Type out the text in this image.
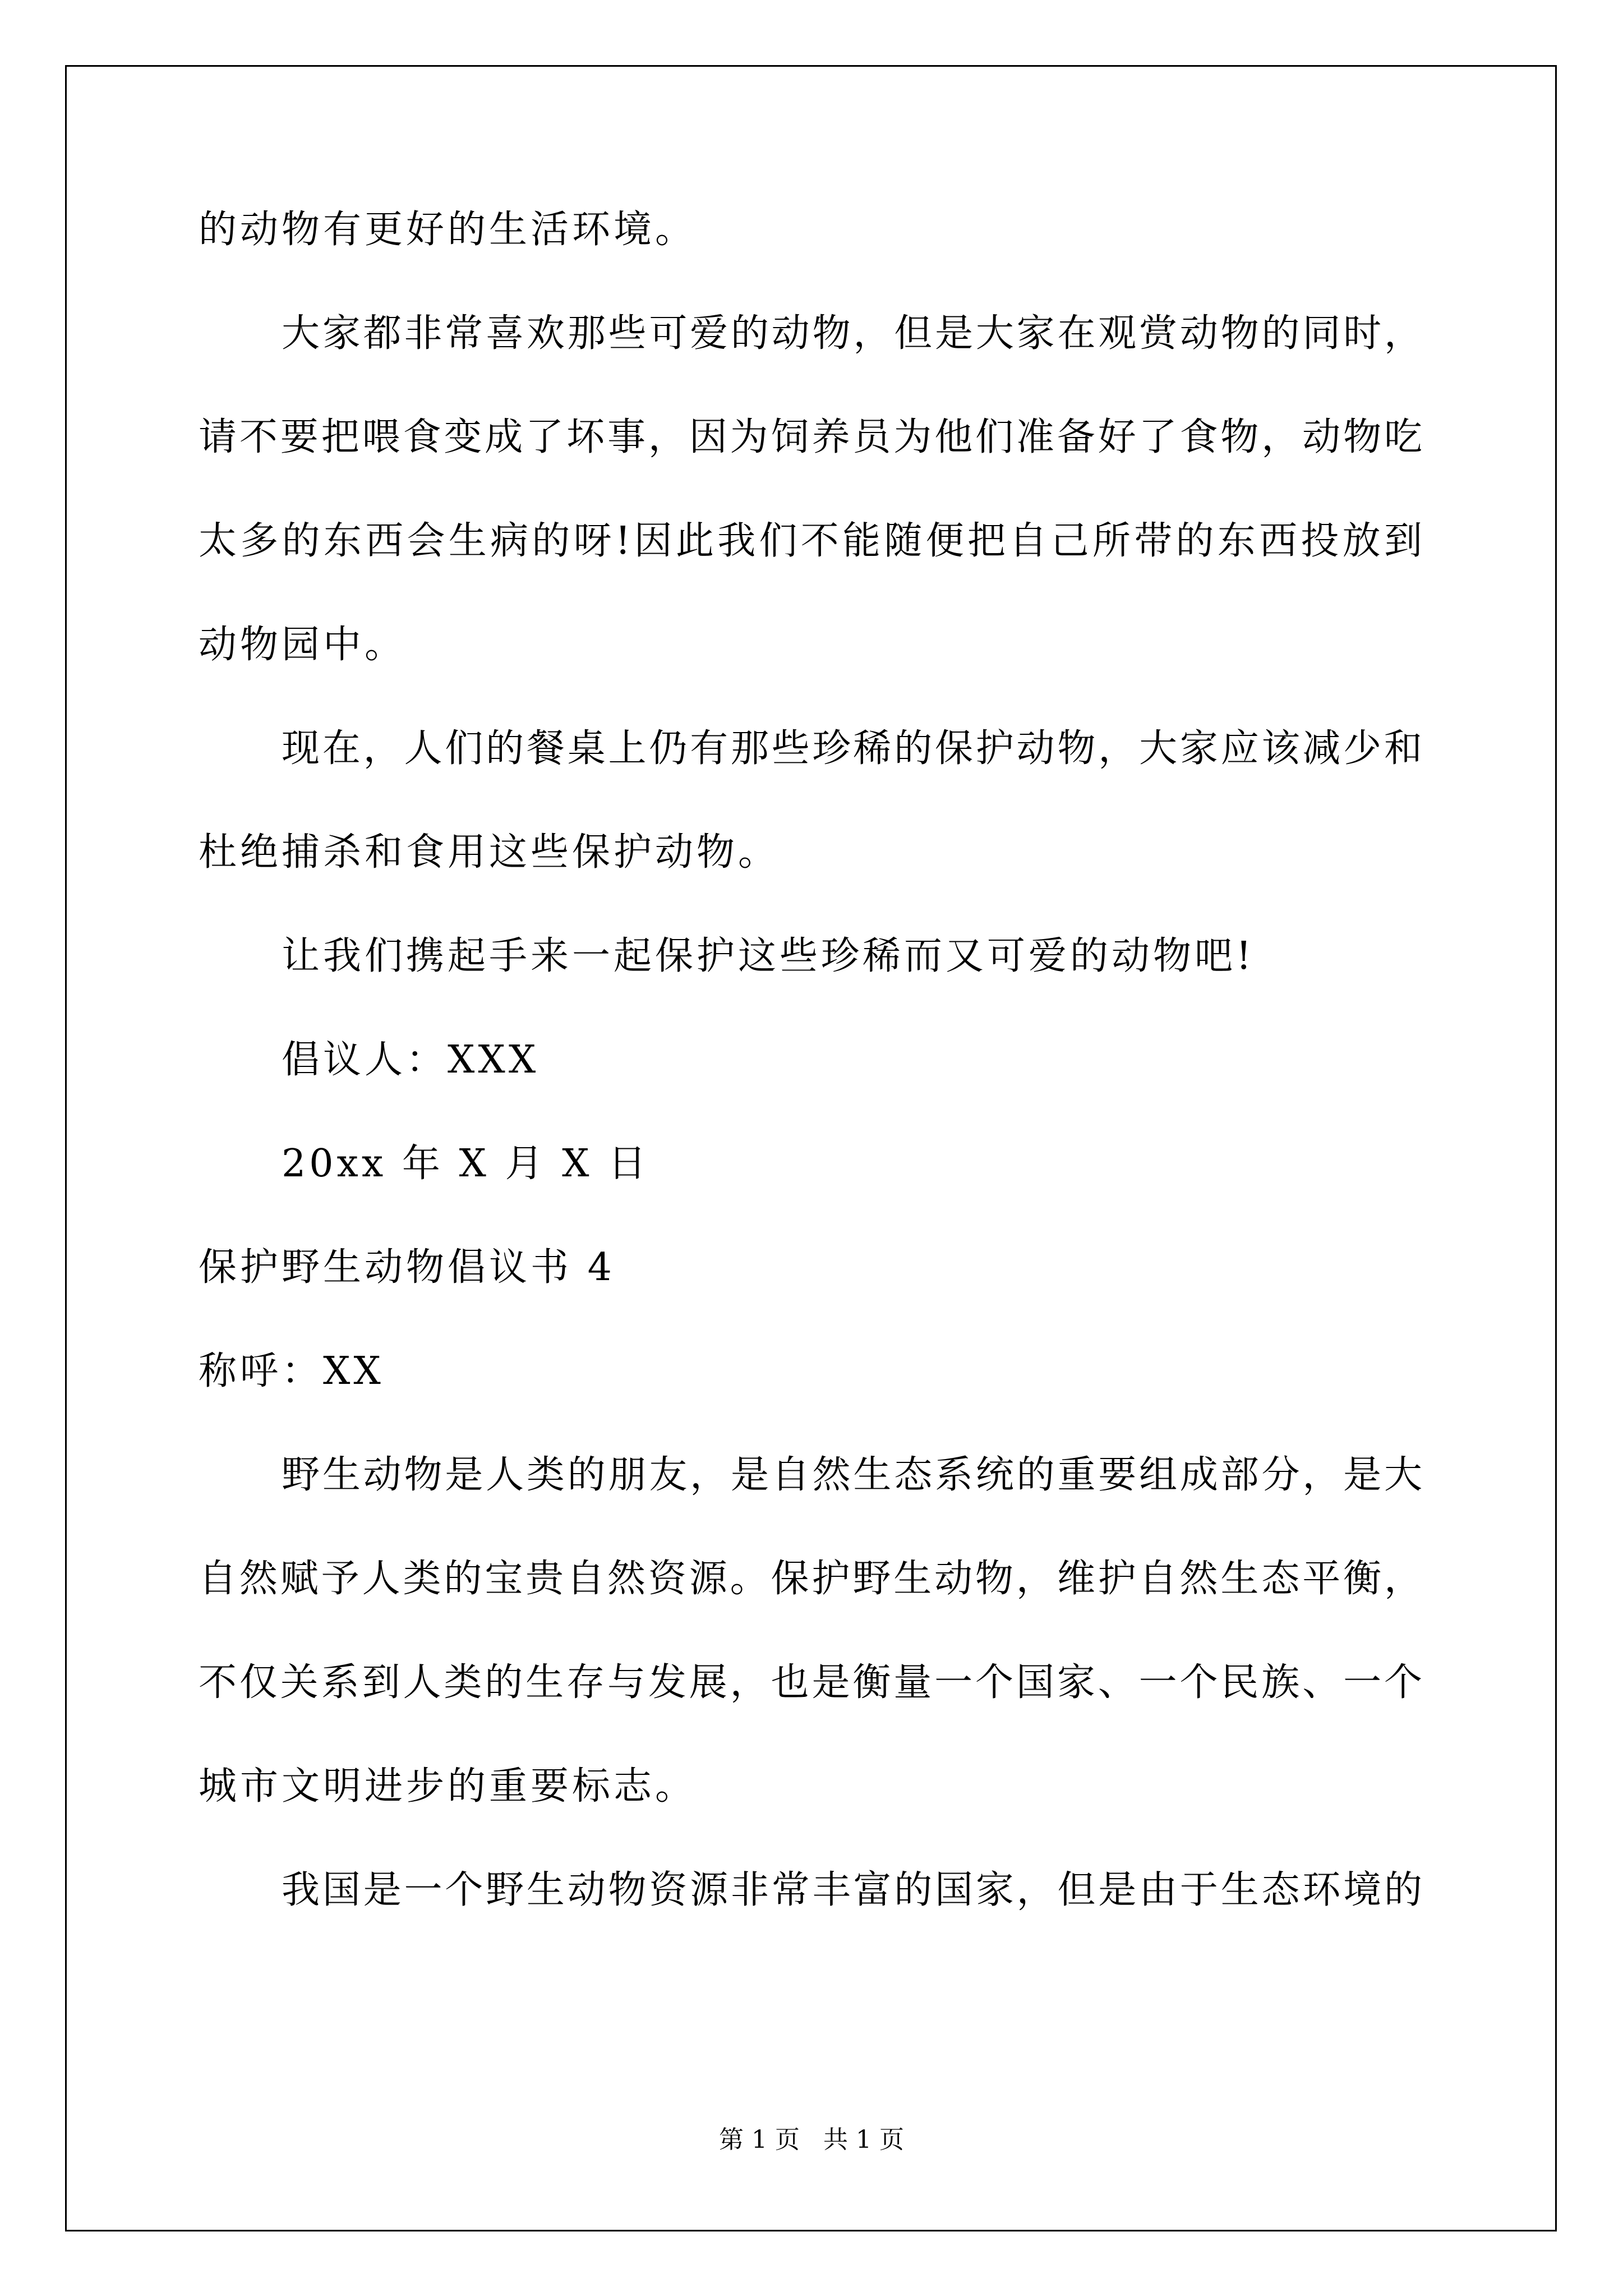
的动物有更好的生活环境。
大家都非常喜欢那些可爱的动物，但是大家在观赏动物的同时，
请不要把喂食变成了坏事，因为饲养员为他们准备好了食物，动物吃
太多的东西会生病的呀!因此我们不能随便把自己所带的东西投放到
动物园中。
现在，人们的餐桌上仍有那些珍稀的保护动物，大家应该减少和
杜绝捕杀和食用这些保护动物。
让我们携起手来一起保护这些珍稀而又可爱的动物吧!
倡议人：XXX
20xx 年 X 月 X 日
保护野生动物倡议书 4
称呼：XX
野生动物是人类的朋友，是自然生态系统的重要组成部分，是大
自然赋予人类的宝贵自然资源。保护野生动物，维护自然生态平衡，
不仅关系到人类的生存与发展，也是衡量一个国家、一个民族、一个
城市文明进步的重要标志。
我国是一个野生动物资源非常丰富的国家，但是由于生态环境的
第 1 页   共 1 页
